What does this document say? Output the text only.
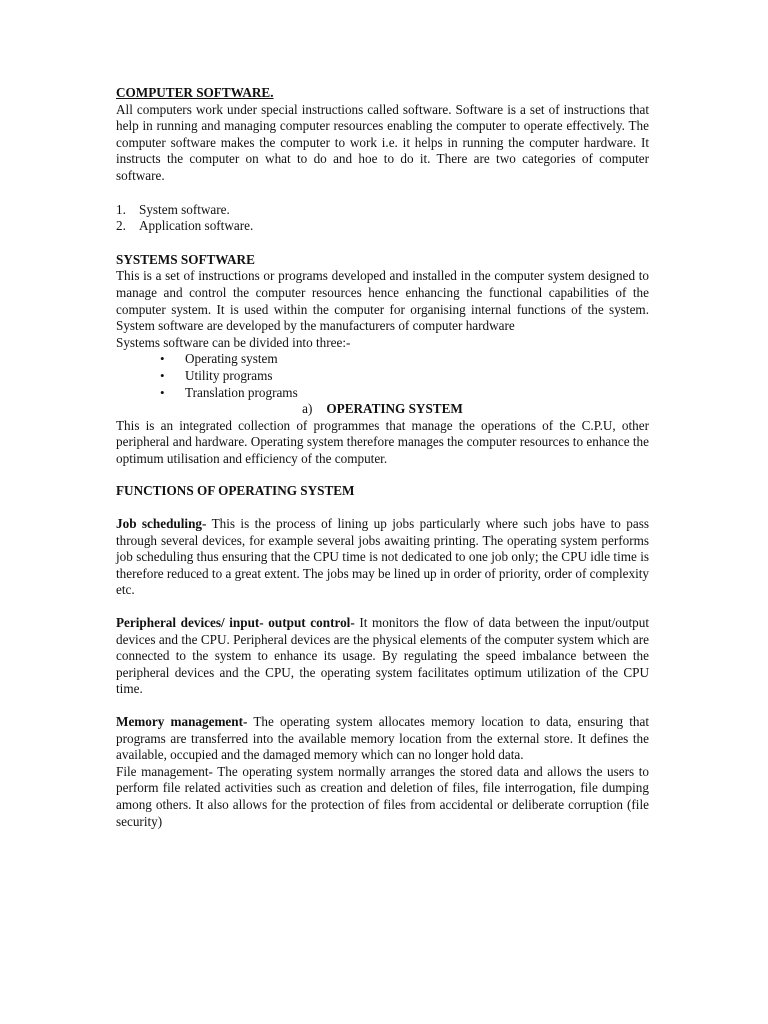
COMPUTER SOFTWARE.

All computers work under special instructions called software. Software is a set of instructions that help in running and managing computer resources enabling the computer to operate effectively. The computer software makes the computer to work i.e. it helps in running the computer hardware. It instructs the computer on what to do and hoe to do it. There are two categories of computer software.

1. System software.
2. Application software.

SYSTEMS SOFTWARE

This is a set of instructions or programs developed and installed in the computer system designed to manage and control the computer resources hence enhancing the functional capabilities of the computer system. It is used within the computer for organising internal functions of the system. System software are developed by the manufacturers of computer hardware

Systems software can be divided into three:-

• Operating system
• Utility programs
• Translation programs

a) OPERATING SYSTEM

This is an integrated collection of programmes that manage the operations of the C.P.U, other peripheral and hardware. Operating system therefore manages the computer resources to enhance the optimum utilisation and efficiency of the computer.

FUNCTIONS OF OPERATING SYSTEM

Job scheduling- This is the process of lining up jobs particularly where such jobs have to pass through several devices, for example several jobs awaiting printing. The operating system performs job scheduling thus ensuring that the CPU time is not dedicated to one job only; the CPU idle time is therefore reduced to a great extent. The jobs may be lined up in order of priority, order of complexity etc.

Peripheral devices/ input- output control- It monitors the flow of data between the input/output devices and the CPU. Peripheral devices are the physical elements of the computer system which are connected to the system to enhance its usage. By regulating the speed imbalance between the peripheral devices and the CPU, the operating system facilitates optimum utilization of the CPU time.

Memory management- The operating system allocates memory location to data, ensuring that programs are transferred into the available memory location from the external store. It defines the available, occupied and the damaged memory which can no longer hold data.

File management- The operating system normally arranges the stored data and allows the users to perform file related activities such as creation and deletion of files, file interrogation, file dumping among others. It also allows for the protection of files from accidental or deliberate corruption (file security)
